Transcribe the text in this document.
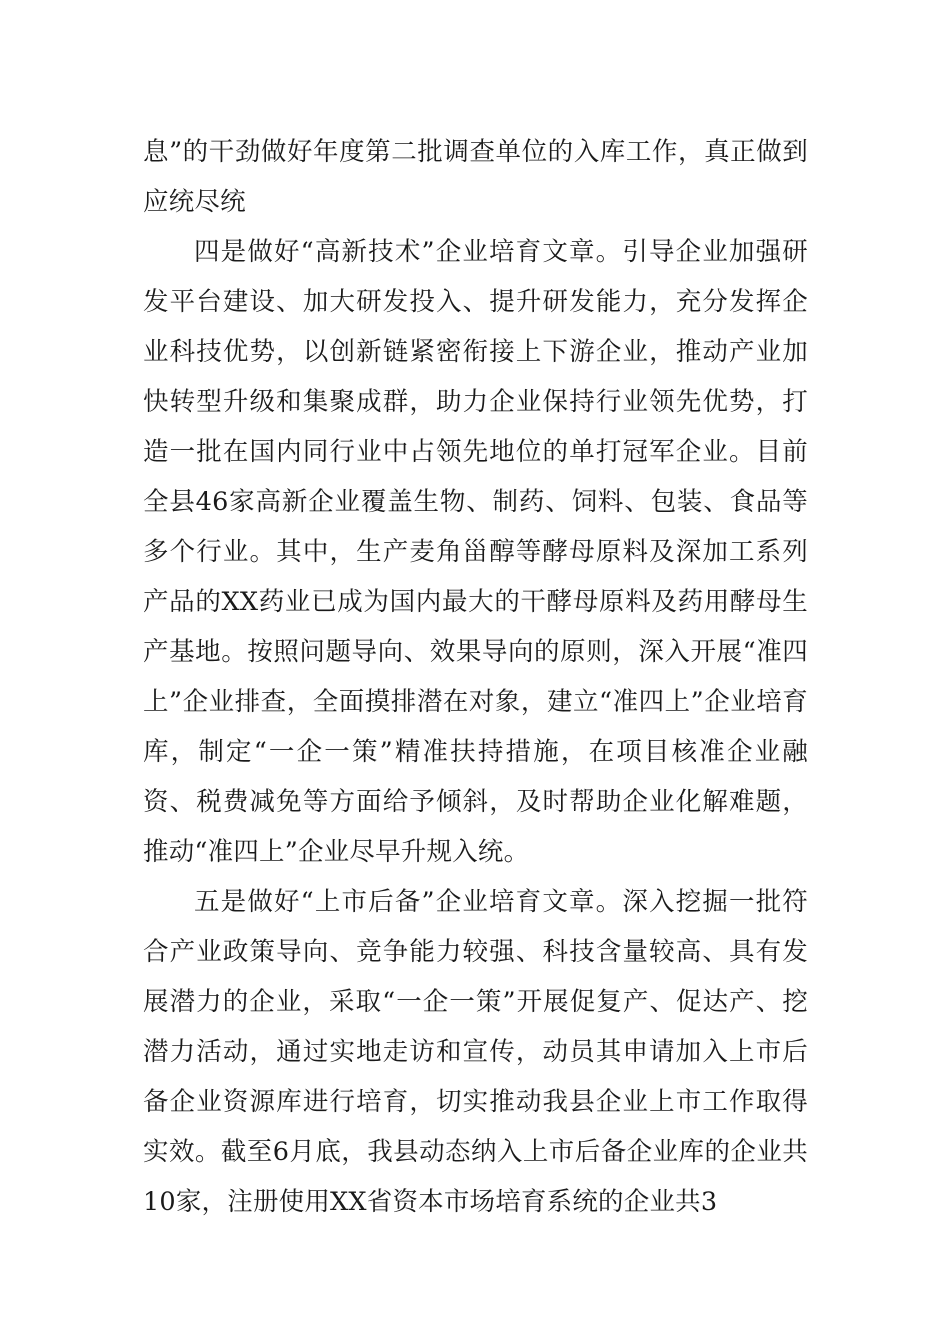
息”的干劲做好年度第二批调查单位的入库工作，真正做到应统尽统

四是做好“高新技术”企业培育文章。引导企业加强研发平台建设、加大研发投入、提升研发能力，充分发挥企业科技优势，以创新链紧密衔接上下游企业，推动产业加快转型升级和集聚成群，助力企业保持行业领先优势，打造一批在国内同行业中占领先地位的单打冠军企业。目前全县46家高新企业覆盖生物、制药、饲料、包装、食品等多个行业。其中，生产麦角甾醇等酵母原料及深加工系列产品的XX药业已成为国内最大的干酵母原料及药用酵母生产基地。按照问题导向、效果导向的原则，深入开展“准四上”企业排查，全面摸排潜在对象，建立“准四上”企业培育库，制定“一企一策”精准扶持措施，在项目核准企业融资、税费减免等方面给予倾斜，及时帮助企业化解难题，推动“准四上”企业尽早升规入统。

五是做好“上市后备”企业培育文章。深入挖掘一批符合产业政策导向、竞争能力较强、科技含量较高、具有发展潜力的企业，采取“一企一策”开展促复产、促达产、挖潜力活动，通过实地走访和宣传，动员其申请加入上市后备企业资源库进行培育，切实推动我县企业上市工作取得实效。截至6月底，我县动态纳入上市后备企业库的企业共10家，注册使用XX省资本市场培育系统的企业共3
